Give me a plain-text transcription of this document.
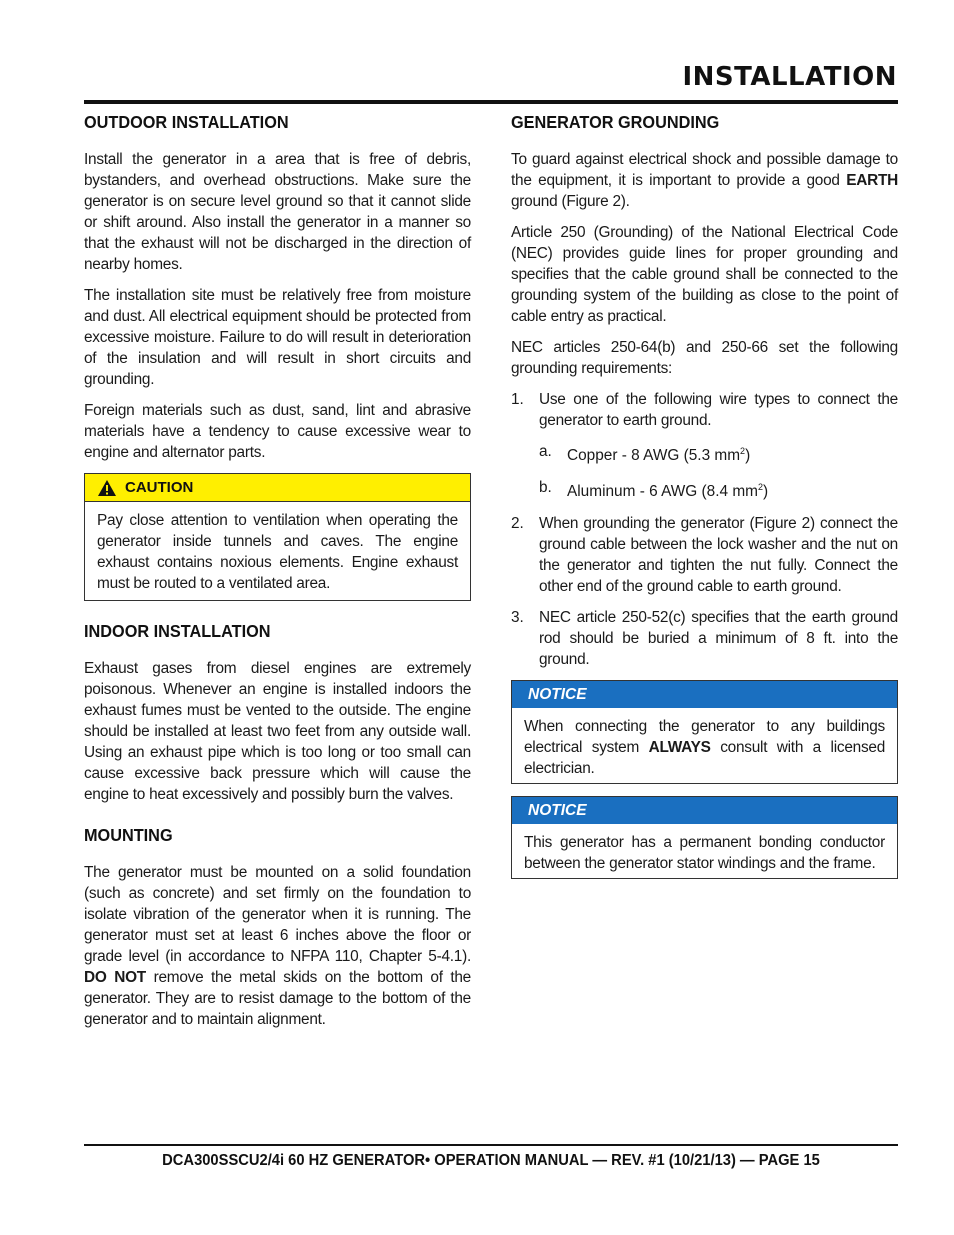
INSTALLATION
OUTDOOR INSTALLATION

Install the generator in a area that is free of debris, bystanders, and overhead obstructions. Make sure the generator is on secure level ground so that it cannot slide or shift around. Also install the generator in a manner so that the exhaust will not be discharged in the direction of nearby homes.

The installation site must be relatively free from moisture and dust. All electrical equipment should be protected from excessive moisture. Failure to do will result in deterioration of the insulation and will result in short circuits and grounding.

Foreign materials such as dust, sand, lint and abrasive materials have a tendency to cause excessive wear to engine and alternator parts.

CAUTION

Pay close attention to ventilation when operating the generator inside tunnels and caves. The engine exhaust contains noxious elements. Engine exhaust must be routed to a ventilated area.

INDOOR INSTALLATION

Exhaust gases from diesel engines are extremely poisonous. Whenever an engine is installed indoors the exhaust fumes must be vented to the outside. The engine should be installed at least two feet from any outside wall. Using an exhaust pipe which is too long or too small can cause excessive back pressure which will cause the engine to heat excessively and possibly burn the valves.

MOUNTING

The generator must be mounted on a solid foundation (such as concrete) and set firmly on the foundation to isolate vibration of the generator when it is running. The generator must set at least 6 inches above the floor or grade level (in accordance to NFPA 110, Chapter 5-4.1). DO NOT remove the metal skids on the bottom of the generator. They are to resist damage to the bottom of the generator and to maintain alignment.

GENERATOR GROUNDING

To guard against electrical shock and possible damage to the equipment, it is important to provide a good EARTH ground (Figure 2).

Article 250 (Grounding) of the National Electrical Code (NEC) provides guide lines for proper grounding and specifies that the cable ground shall be connected to the grounding system of the building as close to the point of cable entry as practical.

NEC articles 250-64(b) and 250-66 set the following grounding requirements:

1. Use one of the following wire types to connect the generator to earth ground.

a. Copper - 8 AWG (5.3 $mm^2$)
b. Aluminum - 6 AWG (8.4 $mm^2$)
2. When grounding the generator (Figure 2) connect the ground cable between the lock washer and the nut on the generator and tighten the nut fully. Connect the other end of the ground cable to earth ground.

3. NEC article 250-52(c) specifies that the earth ground rod should be buried a minimum of 8 ft. into the ground.

NOTICE

When connecting the generator to any buildings electrical system ALWAYS consult with a licensed electrician.

NOTICE

This generator has a permanent bonding conductor between the generator stator windings and the frame.

DCA300SSCU2/4i 60 HZ GENERATOR• OPERATION MANUAL — REV. #1 (10/21/13) — PAGE 15
